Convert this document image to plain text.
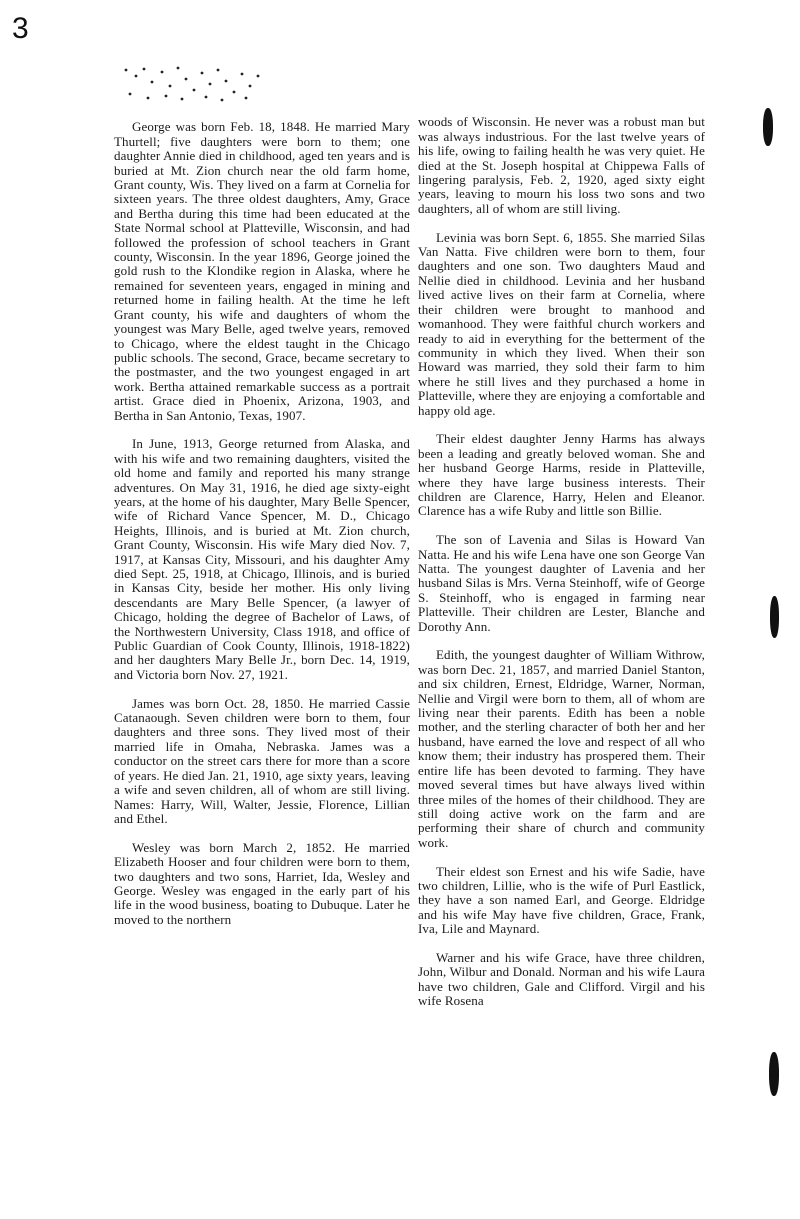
3

George was born Feb. 18, 1848. He married Mary Thurtell; five daughters were born to them; one daughter Annie died in childhood, aged ten years and is buried at Mt. Zion church near the old farm home, Grant county, Wis. They lived on a farm at Cornelia for sixteen years. The three oldest daughters, Amy, Grace and Bertha during this time had been educated at the State Normal school at Platteville, Wisconsin, and had followed the profession of school teachers in Grant county, Wisconsin. In the year 1896, George joined the gold rush to the Klondike region in Alaska, where he remained for seventeen years, engaged in mining and returned home in failing health. At the time he left Grant county, his wife and daughters of whom the youngest was Mary Belle, aged twelve years, removed to Chicago, where the eldest taught in the Chicago public schools. The second, Grace, became secretary to the postmaster, and the two youngest engaged in art work. Bertha attained remarkable success as a portrait artist. Grace died in Phoenix, Arizona, 1903, and Bertha in San Antonio, Texas, 1907.

In June, 1913, George returned from Alaska, and with his wife and two remaining daughters, visited the old home and family and reported his many strange adventures. On May 31, 1916, he died age sixty-eight years, at the home of his daughter, Mary Belle Spencer, wife of Richard Vance Spencer, M. D., Chicago Heights, Illinois, and is buried at Mt. Zion church, Grant County, Wisconsin. His wife Mary died Nov. 7, 1917, at Kansas City, Missouri, and his daughter Amy died Sept. 25, 1918, at Chicago, Illinois, and is buried in Kansas City, beside her mother. His only living descendants are Mary Belle Spencer, (a lawyer of Chicago, holding the degree of Bachelor of Laws, of the Northwestern University, Class 1918, and office of Public Guardian of Cook County, Illinois, 1918-1822) and her daughters Mary Belle Jr., born Dec. 14, 1919, and Victoria born Nov. 27, 1921.

James was born Oct. 28, 1850. He married Cassie Catanaough. Seven children were born to them, four daughters and three sons. They lived most of their married life in Omaha, Nebraska. James was a conductor on the street cars there for more than a score of years. He died Jan. 21, 1910, age sixty years, leaving a wife and seven children, all of whom are still living. Names: Harry, Will, Walter, Jessie, Florence, Lillian and Ethel.

Wesley was born March 2, 1852. He married Elizabeth Hooser and four children were born to them, two daughters and two sons, Harriet, Ida, Wesley and George. Wesley was engaged in the early part of his life in the wood business, boating to Dubuque. Later he moved to the northern

woods of Wisconsin. He never was a robust man but was always industrious. For the last twelve years of his life, owing to failing health he was very quiet. He died at the St. Joseph hospital at Chippewa Falls of lingering paralysis, Feb. 2, 1920, aged sixty eight years, leaving to mourn his loss two sons and two daughters, all of whom are still living.

Levinia was born Sept. 6, 1855. She married Silas Van Natta. Five children were born to them, four daughters and one son. Two daughters Maud and Nellie died in childhood. Levinia and her husband lived active lives on their farm at Cornelia, where their children were brought to manhood and womanhood. They were faithful church workers and ready to aid in everything for the betterment of the community in which they lived. When their son Howard was married, they sold their farm to him where he still lives and they purchased a home in Platteville, where they are enjoying a comfortable and happy old age.

Their eldest daughter Jenny Harms has always been a leading and greatly beloved woman. She and her husband George Harms, reside in Platteville, where they have large business interests. Their children are Clarence, Harry, Helen and Eleanor. Clarence has a wife Ruby and little son Billie.

The son of Lavenia and Silas is Howard Van Natta. He and his wife Lena have one son George Van Natta. The youngest daughter of Lavenia and her husband Silas is Mrs. Verna Steinhoff, wife of George S. Steinhoff, who is engaged in farming near Platteville. Their children are Lester, Blanche and Dorothy Ann.

Edith, the youngest daughter of William Withrow, was born Dec. 21, 1857, and married Daniel Stanton, and six children, Ernest, Eldridge, Warner, Norman, Nellie and Virgil were born to them, all of whom are living near their parents. Edith has been a noble mother, and the sterling character of both her and her husband, have earned the love and respect of all who know them; their industry has prospered them. Their entire life has been devoted to farming. They have moved several times but have always lived within three miles of the homes of their childhood. They are still doing active work on the farm and are performing their share of church and community work.

Their eldest son Ernest and his wife Sadie, have two children, Lillie, who is the wife of Purl Eastlick, they have a son named Earl, and George. Eldridge and his wife May have five children, Grace, Frank, Iva, Lile and Maynard.

Warner and his wife Grace, have three children, John, Wilbur and Donald. Norman and his wife Laura have two children, Gale and Clifford. Virgil and his wife Rosena
